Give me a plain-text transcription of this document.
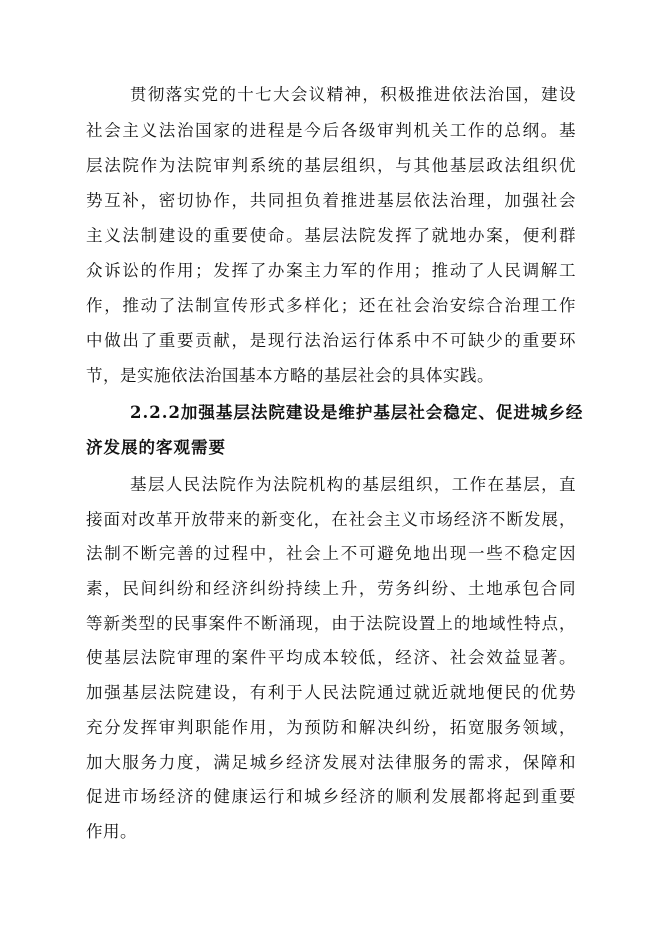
贯彻落实党的十七大会议精神，积极推进依法治国，建设
社会主义法治国家的进程是今后各级审判机关工作的总纲。基
层法院作为法院审判系统的基层组织，与其他基层政法组织优
势互补，密切协作，共同担负着推进基层依法治理，加强社会
主义法制建设的重要使命。基层法院发挥了就地办案，便利群
众诉讼的作用；发挥了办案主力军的作用；推动了人民调解工
作，推动了法制宣传形式多样化；还在社会治安综合治理工作
中做出了重要贡献，是现行法治运行体系中不可缺少的重要环
节，是实施依法治国基本方略的基层社会的具体实践。
2.2.2加强基层法院建设是维护基层社会稳定、促进城乡经
济发展的客观需要
基层人民法院作为法院机构的基层组织，工作在基层，直
接面对改革开放带来的新变化，在社会主义市场经济不断发展，
法制不断完善的过程中，社会上不可避免地出现一些不稳定因
素，民间纠纷和经济纠纷持续上升，劳务纠纷、土地承包合同
等新类型的民事案件不断涌现，由于法院设置上的地域性特点，
使基层法院审理的案件平均成本较低，经济、社会效益显著。
加强基层法院建设，有利于人民法院通过就近就地便民的优势
充分发挥审判职能作用，为预防和解决纠纷，拓宽服务领域，
加大服务力度，满足城乡经济发展对法律服务的需求，保障和
促进市场经济的健康运行和城乡经济的顺利发展都将起到重要
作用。
